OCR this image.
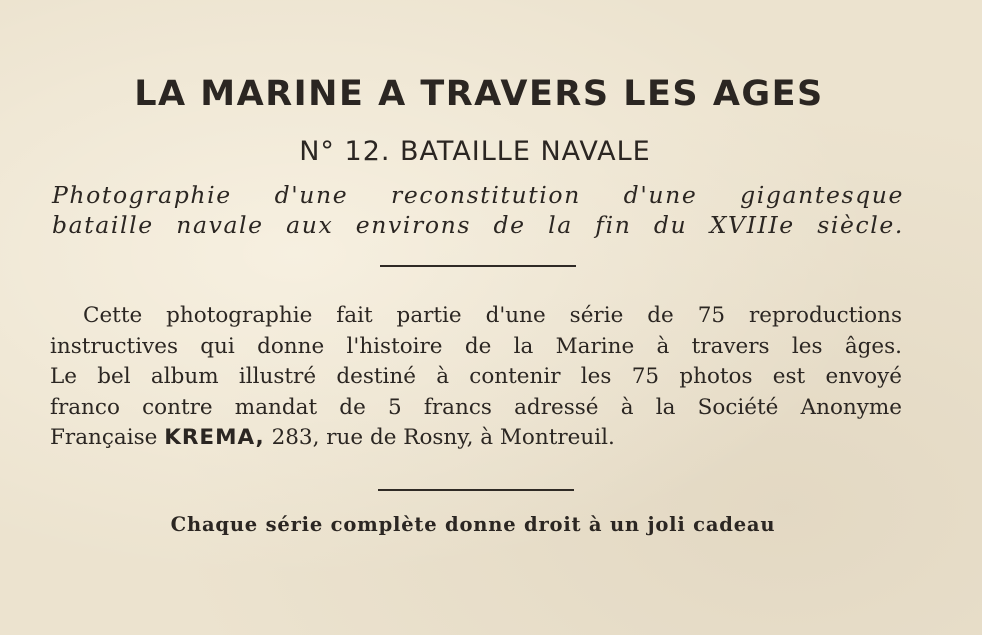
LA MARINE A TRAVERS LES AGES
N° 12. BATAILLE NAVALE
Photographie d'une reconstitution d'une gigantesque
bataille navale aux environs de la fin du XVIIIe siècle.
Cette photographie fait partie d'une série de 75 reproductions
instructives qui donne l'histoire de la Marine à travers les âges.
Le bel album illustré destiné à contenir les 75 photos est envoyé
franco contre mandat de 5 francs adressé à la Société Anonyme
Française KREMA, 283, rue de Rosny, à Montreuil.
Chaque série complète donne droit à un joli cadeau
